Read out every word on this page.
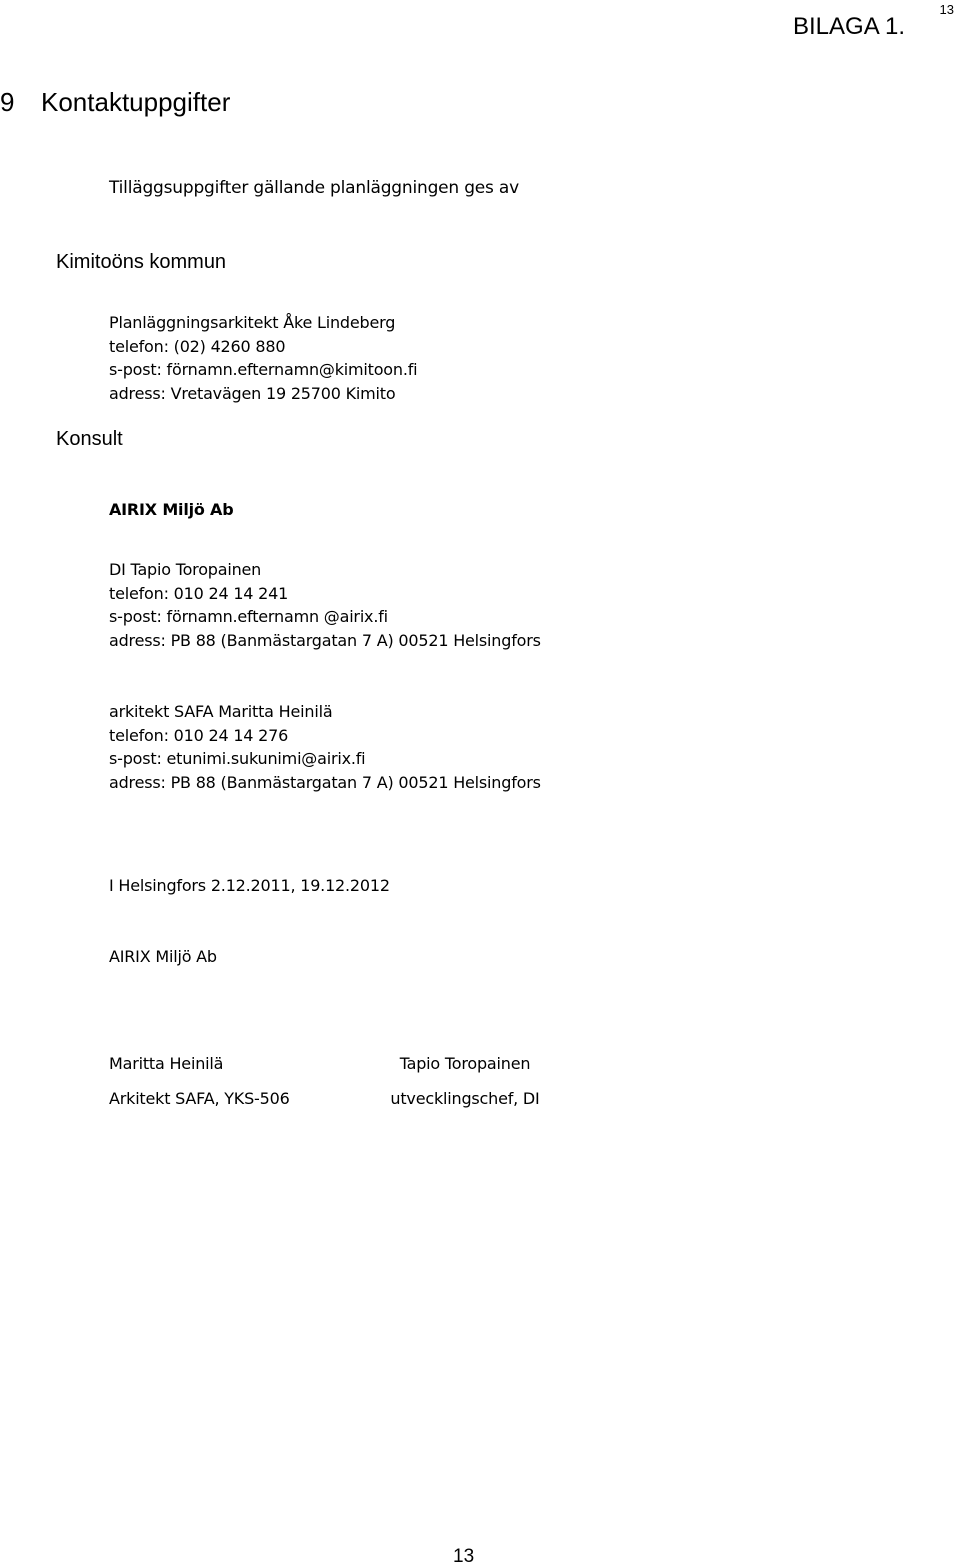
13
BILAGA 1.
9 Kontaktuppgifter
Tilläggsuppgifter gällande planläggningen ges av
Kimitoöns kommun
Planläggningsarkitekt Åke Lindeberg
telefon: (02) 4260 880
s-post: förnamn.efternamn@kimitoon.fi
adress: Vretavägen 19 25700 Kimito
Konsult
AIRIX Miljö Ab
DI Tapio Toropainen
telefon: 010 24 14 241
s-post: förnamn.efternamn @airix.fi
adress: PB 88 (Banmästargatan 7 A) 00521 Helsingfors
arkitekt SAFA Maritta Heinilä
telefon: 010 24 14 276
s-post: etunimi.sukunimi@airix.fi
adress: PB 88 (Banmästargatan 7 A) 00521 Helsingfors
I Helsingfors 2.12.2011, 19.12.2012
AIRIX Miljö Ab
Maritta Heinilä
Arkitekt SAFA, YKS-506
Tapio Toropainen
utvecklingschef, DI
13
